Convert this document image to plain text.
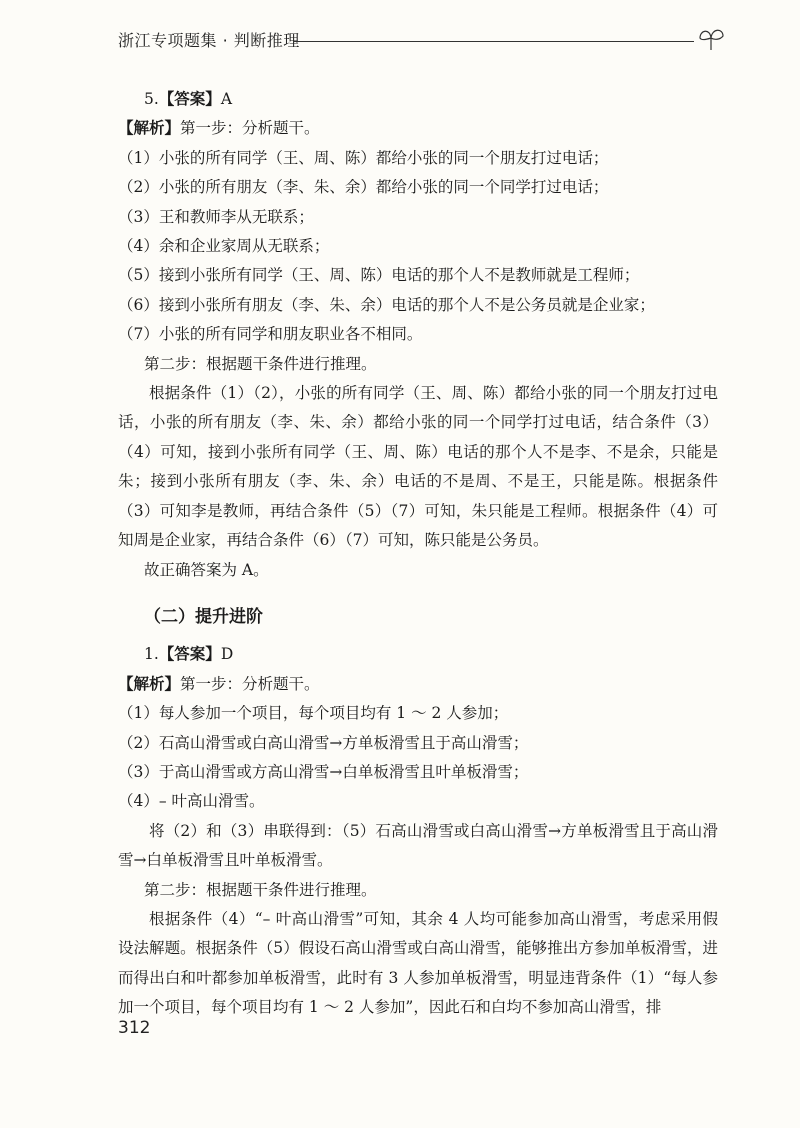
浙江专项题集 · 判断推理
5.【答案】A
【解析】第一步：分析题干。
（1）小张的所有同学（王、周、陈）都给小张的同一个朋友打过电话；
（2）小张的所有朋友（李、朱、余）都给小张的同一个同学打过电话；
（3）王和教师李从无联系；
（4）余和企业家周从无联系；
（5）接到小张所有同学（王、周、陈）电话的那个人不是教师就是工程师；
（6）接到小张所有朋友（李、朱、余）电话的那个人不是公务员就是企业家；
（7）小张的所有同学和朋友职业各不相同。
第二步：根据题干条件进行推理。
根据条件（1）（2），小张的所有同学（王、周、陈）都给小张的同一个朋友打过电话，小张的所有朋友（李、朱、余）都给小张的同一个同学打过电话，结合条件（3）（4）可知，接到小张所有同学（王、周、陈）电话的那个人不是李、不是余，只能是朱；接到小张所有朋友（李、朱、余）电话的不是周、不是王，只能是陈。根据条件（3）可知李是教师，再结合条件（5）（7）可知，朱只能是工程师。根据条件（4）可知周是企业家，再结合条件（6）（7）可知，陈只能是公务员。
故正确答案为 A。
（二）提升进阶
1.【答案】D
【解析】第一步：分析题干。
（1）每人参加一个项目，每个项目均有 1 ～ 2 人参加；
（2）石高山滑雪或白高山滑雪→方单板滑雪且于高山滑雪；
（3）于高山滑雪或方高山滑雪→白单板滑雪且叶单板滑雪；
（4）– 叶高山滑雪。
将（2）和（3）串联得到：（5）石高山滑雪或白高山滑雪→方单板滑雪且于高山滑雪→白单板滑雪且叶单板滑雪。
第二步：根据题干条件进行推理。
根据条件（4）“– 叶高山滑雪”可知，其余 4 人均可能参加高山滑雪，考虑采用假设法解题。根据条件（5）假设石高山滑雪或白高山滑雪，能够推出方参加单板滑雪，进而得出白和叶都参加单板滑雪，此时有 3 人参加单板滑雪，明显违背条件（1）“每人参加一个项目，每个项目均有 1 ～ 2 人参加”，因此石和白均不参加高山滑雪，排
312
